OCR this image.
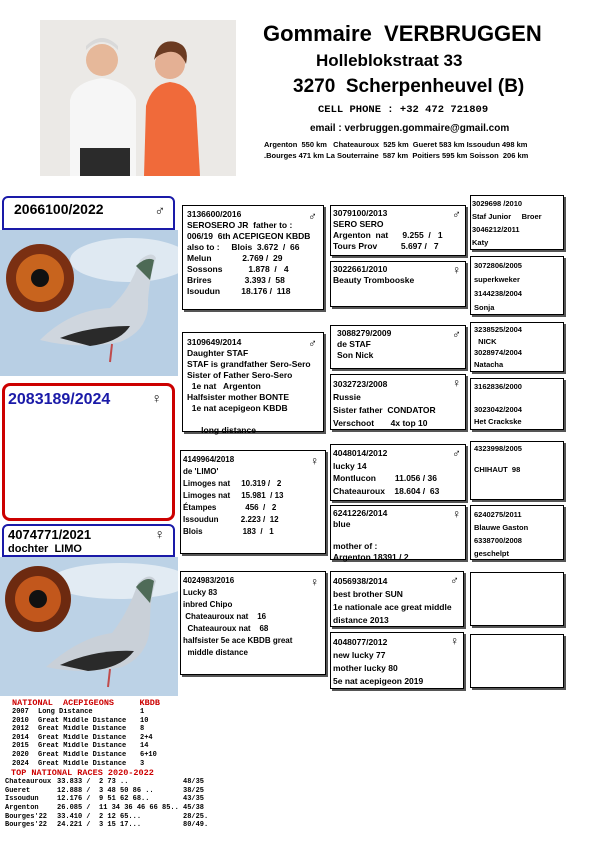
Gommaire  VERBRUGGEN
Holleblokstraat 33
3270  Scherpenheuvel (B)
CELL PHONE : +32 472 721809
email : verbruggen.gommaire@gmail.com
Argenton  550 km   Chateauroux  525 km  Gueret 583 km Issoudun 498 km
.Bourges 471 km La Souterraine  587 km  Poitiers 595 km Soisson  206 km
2066100/2022	♂
2083189/2024	♀
4074771/2021
dochter  LIMO
♀
NATIONAL  ACEPIGEONS     KBDB
2007	Long Distance	1
2010	Great Middle Distance	10
2012	Great Middle Distance	8
2014	Great Middle Distance	2+4
2015	Great Middle Distance	14
2020	Great Middle Distance	6+10
2024	Great Middle Distance	3
TOP NATIONAL RACES 2020-2022
Chateauroux 33.833 /  2 73 ..	48/35
Gueret	12.888 /  3 48 50 86 ..	38/25
Issoudun	12.176 /  9 51 62 68..	43/35
Argenton	26.085 /  11 34 36 46 66 85.. 45/38
Bourges'22	33.410 /  2 12 65...	28/25.
Bourges'22	24.221 /  3 15 17...	80/49.
3136600/2016
SEROSERO JR  father to :
006/19  6th ACEPIGEON KBDB
also to :     Blois  3.672  /  66
Melun             2.769 /  29
Sossons           1.878  /   4
Brires              3.393 /  58
Isoudun         18.176 /  118
♂
3109649/2014
Daughter STAF
STAF is grandfather Sero-Sero
Sister of Father Sero-Sero
1e nat   Argenton
Halfsister mother BONTE
1e nat acepigeon KBDB

long distance
♂
4149964/2018
de 'LIMO'
Limoges nat     10.319 /   2
Limoges nat     15.981  / 13
Étampes             456  /   2
Issoudun          2.223 /  12
Blois                  183  /   1
♀
4024983/2016
Lucky 83
inbred Chipo
Chateauroux nat    16
Chateauroux nat    68
halfsister 5e ace KBDB great
middle distance
♀
3079100/2013
SERO SERO
Argenton  nat      9.255  /   1
Tours Prov          5.697 /   7
♂
3022661/2010
Beauty Trombooske
♀
3088279/2009
de STAF
Son Nick
♂
3032723/2008
Russie
Sister father  CONDATOR
Verschoot       4x top 10
♀
4048014/2012
lucky 14
Montlucon        11.056 / 36
Chateauroux    18.604 /  63
♂
6241226/2014
blue

mother of :
Argenton 18391 / 2
♀
4056938/2014
best brother SUN
1e nationale ace great middle
distance 2013
♂
4048077/2012
new lucky 77
mother lucky 80
5e nat acepigeon 2019
♀
3029698 /2010
Staf Junior     Broer
3046212/2011
Katy
3072806/2005
superkweker
3144238/2004
Sonja
3238525/2004
NICK
3028974/2004
Natacha
3162836/2000

3023042/2004
Het Crackske
4323998/2005

CHIHAUT  98
6240275/2011
Blauwe Gaston
6338700/2008
geschelpt
